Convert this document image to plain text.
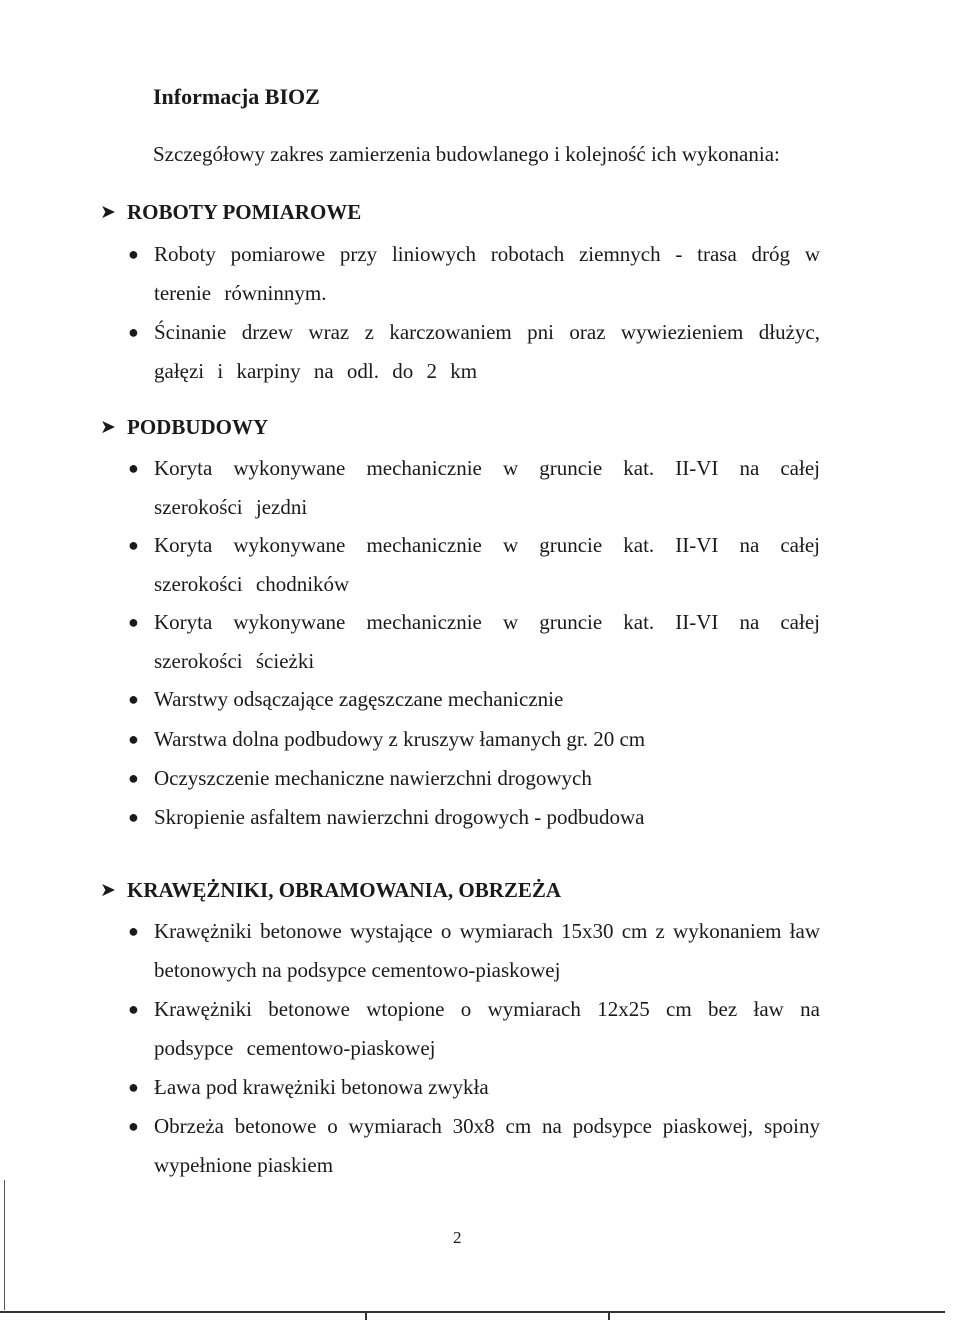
Informacja BIOZ
Szczegółowy zakres zamierzenia budowlanego i kolejność ich wykonania:
➤ ROBOTY POMIAROWE
● Roboty pomiarowe przy liniowych robotach ziemnych - trasa dróg w terenie równinnym.
● Ścinanie drzew wraz z karczowaniem pni oraz wywiezieniem dłużyc, gałęzi i karpiny na odl. do 2 km
➤ PODBUDOWY
● Koryta wykonywane mechanicznie w gruncie kat. II-VI na całej szerokości jezdni
● Koryta wykonywane mechanicznie w gruncie kat. II-VI na całej szerokości chodników
● Koryta wykonywane mechanicznie w gruncie kat. II-VI na całej szerokości ścieżki
● Warstwy odsączające zagęszczane mechanicznie
● Warstwa dolna podbudowy z kruszyw łamanych gr. 20 cm
● Oczyszczenie mechaniczne nawierzchni drogowych
● Skropienie asfaltem nawierzchni drogowych - podbudowa
➤ KRAWĘŻNIKI, OBRAMOWANIA, OBRZEŻA
● Krawężniki betonowe wystające o wymiarach 15x30 cm z wykonaniem ław betonowych na podsypce cementowo-piaskowej
● Krawężniki betonowe wtopione o wymiarach 12x25 cm bez ław na podsypce cementowo-piaskowej
● Ława pod krawężniki betonowa zwykła
● Obrzeża betonowe o wymiarach 30x8 cm na podsypce piaskowej, spoiny wypełnione piaskiem
2
